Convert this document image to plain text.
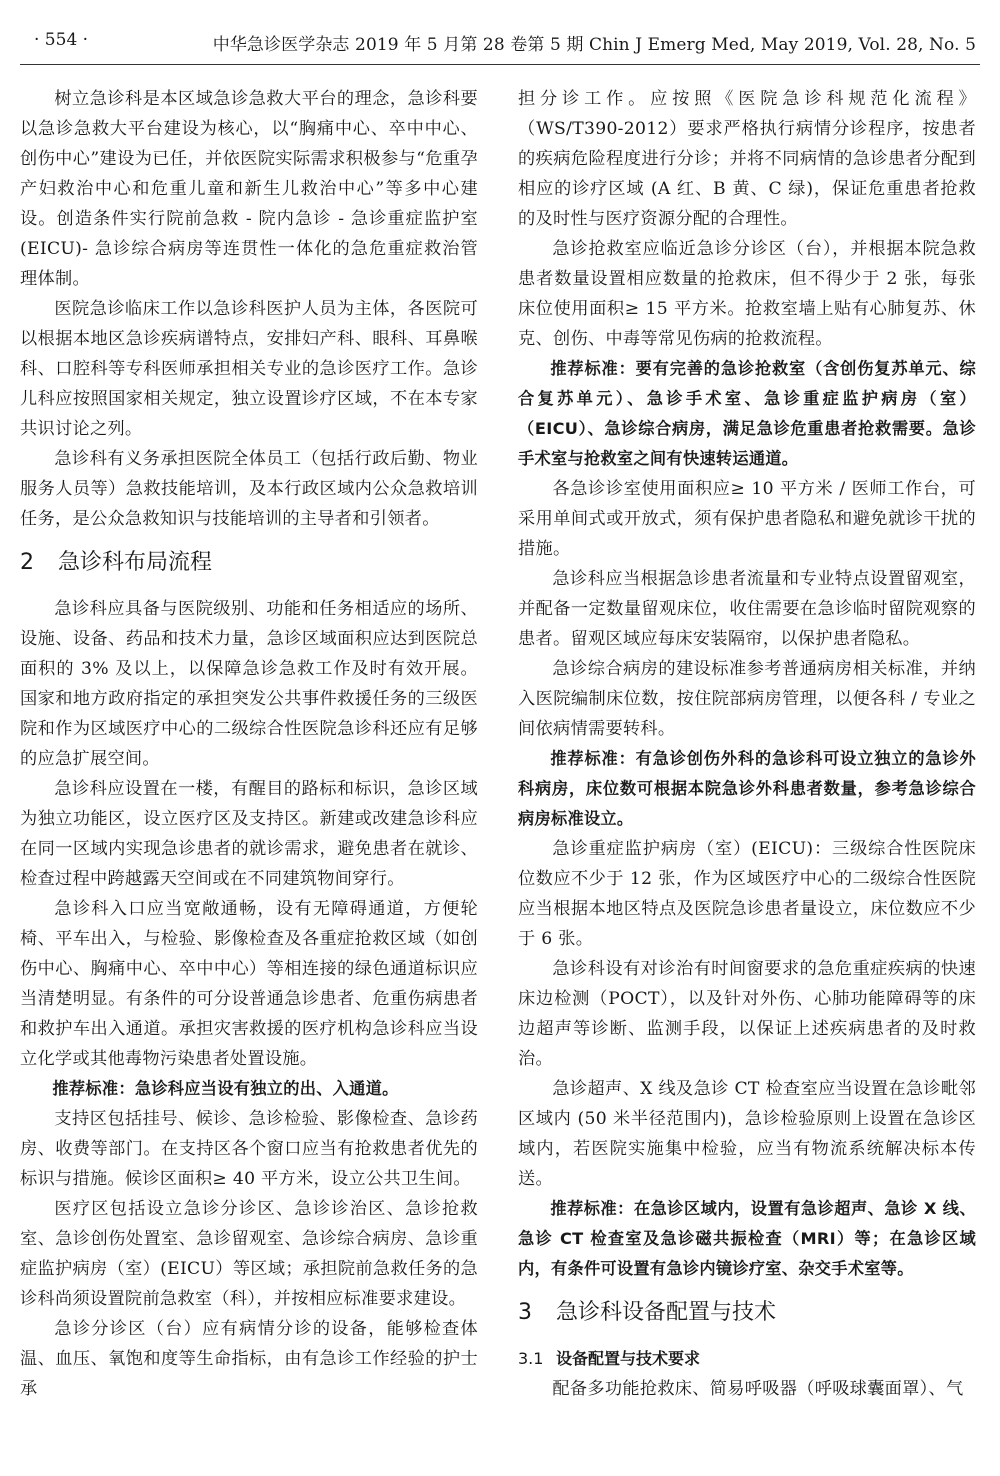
· 554 ·	中华急诊医学杂志 2019 年 5 月第 28 卷第 5 期 Chin J Emerg Med, May 2019, Vol. 28, No. 5

树立急诊科是本区域急诊急救大平台的理念，急诊科要以急诊急救大平台建设为核心，以“胸痛中心、卒中中心、创伤中心”建设为已任，并依医院实际需求积极参与“危重孕产妇救治中心和危重儿童和新生儿救治中心”等多中心建设。创造条件实行院前急救 - 院内急诊 - 急诊重症监护室 (EICU)- 急诊综合病房等连贯性一体化的急危重症救治管理体制。

医院急诊临床工作以急诊科医护人员为主体，各医院可以根据本地区急诊疾病谱特点，安排妇产科、眼科、耳鼻喉科、口腔科等专科医师承担相关专业的急诊医疗工作。急诊儿科应按照国家相关规定，独立设置诊疗区域，不在本专家共识讨论之列。

急诊科有义务承担医院全体员工（包括行政后勤、物业服务人员等）急救技能培训，及本行政区域内公众急救培训任务，是公众急救知识与技能培训的主导者和引领者。

2 急诊科布局流程

急诊科应具备与医院级别、功能和任务相适应的场所、设施、设备、药品和技术力量，急诊区域面积应达到医院总面积的 3% 及以上，以保障急诊急救工作及时有效开展。国家和地方政府指定的承担突发公共事件救援任务的三级医院和作为区域医疗中心的二级综合性医院急诊科还应有足够的应急扩展空间。

急诊科应设置在一楼，有醒目的路标和标识，急诊区域为独立功能区，设立医疗区及支持区。新建或改建急诊科应在同一区域内实现急诊患者的就诊需求，避免患者在就诊、检查过程中跨越露天空间或在不同建筑物间穿行。

急诊科入口应当宽敞通畅，设有无障碍通道，方便轮椅、平车出入，与检验、影像检查及各重症抢救区域（如创伤中心、胸痛中心、卒中中心）等相连接的绿色通道标识应当清楚明显。有条件的可分设普通急诊患者、危重伤病患者和救护车出入通道。承担灾害救援的医疗机构急诊科应当设立化学或其他毒物污染患者处置设施。

推荐标准：急诊科应当设有独立的出、入通道。

支持区包括挂号、候诊、急诊检验、影像检查、急诊药房、收费等部门。在支持区各个窗口应当有抢救患者优先的标识与措施。候诊区面积≥ 40 平方米，设立公共卫生间。

医疗区包括设立急诊分诊区、急诊诊治区、急诊抢救室、急诊创伤处置室、急诊留观室、急诊综合病房、急诊重症监护病房（室）(EICU）等区域；承担院前急救任务的急诊科尚须设置院前急救室（科），并按相应标准要求建设。

急诊分诊区（台）应有病情分诊的设备，能够检查体温、血压、氧饱和度等生命指标，由有急诊工作经验的护士承

担分诊工作。应按照《医院急诊科规范化流程》（WS/T390-2012）要求严格执行病情分诊程序，按患者的疾病危险程度进行分诊；并将不同病情的急诊患者分配到相应的诊疗区域 (A 红、B 黄、C 绿)，保证危重患者抢救的及时性与医疗资源分配的合理性。

急诊抢救室应临近急诊分诊区（台），并根据本院急救患者数量设置相应数量的抢救床，但不得少于 2 张，每张床位使用面积≥ 15 平方米。抢救室墙上贴有心肺复苏、休克、创伤、中毒等常见伤病的抢救流程。

推荐标准：要有完善的急诊抢救室（含创伤复苏单元、综合复苏单元）、急诊手术室、急诊重症监护病房（室）（EICU）、急诊综合病房，满足急诊危重患者抢救需要。急诊手术室与抢救室之间有快速转运通道。

各急诊诊室使用面积应≥ 10 平方米 / 医师工作台，可采用单间式或开放式，须有保护患者隐私和避免就诊干扰的措施。

急诊科应当根据急诊患者流量和专业特点设置留观室，并配备一定数量留观床位，收住需要在急诊临时留院观察的患者。留观区域应每床安装隔帘，以保护患者隐私。

急诊综合病房的建设标准参考普通病房相关标准，并纳入医院编制床位数，按住院部病房管理，以便各科 / 专业之间依病情需要转科。

推荐标准：有急诊创伤外科的急诊科可设立独立的急诊外科病房，床位数可根据本院急诊外科患者数量，参考急诊综合病房标准设立。

急诊重症监护病房（室）(EICU)：三级综合性医院床位数应不少于 12 张，作为区域医疗中心的二级综合性医院应当根据本地区特点及医院急诊患者量设立，床位数应不少于 6 张。

急诊科设有对诊治有时间窗要求的急危重症疾病的快速床边检测（POCT），以及针对外伤、心肺功能障碍等的床边超声等诊断、监测手段，以保证上述疾病患者的及时救治。

急诊超声、X 线及急诊 CT 检查室应当设置在急诊毗邻区域内 (50 米半径范围内)，急诊检验原则上设置在急诊区域内，若医院实施集中检验，应当有物流系统解决标本传送。

推荐标准：在急诊区域内，设置有急诊超声、急诊 X 线、急诊 CT 检查室及急诊磁共振检查（MRI）等；在急诊区域内，有条件可设置有急诊内镜诊疗室、杂交手术室等。

3 急诊科设备配置与技术

3.1 设备配置与技术要求

配备多功能抢救床、简易呼吸器（呼吸球囊面罩）、气
